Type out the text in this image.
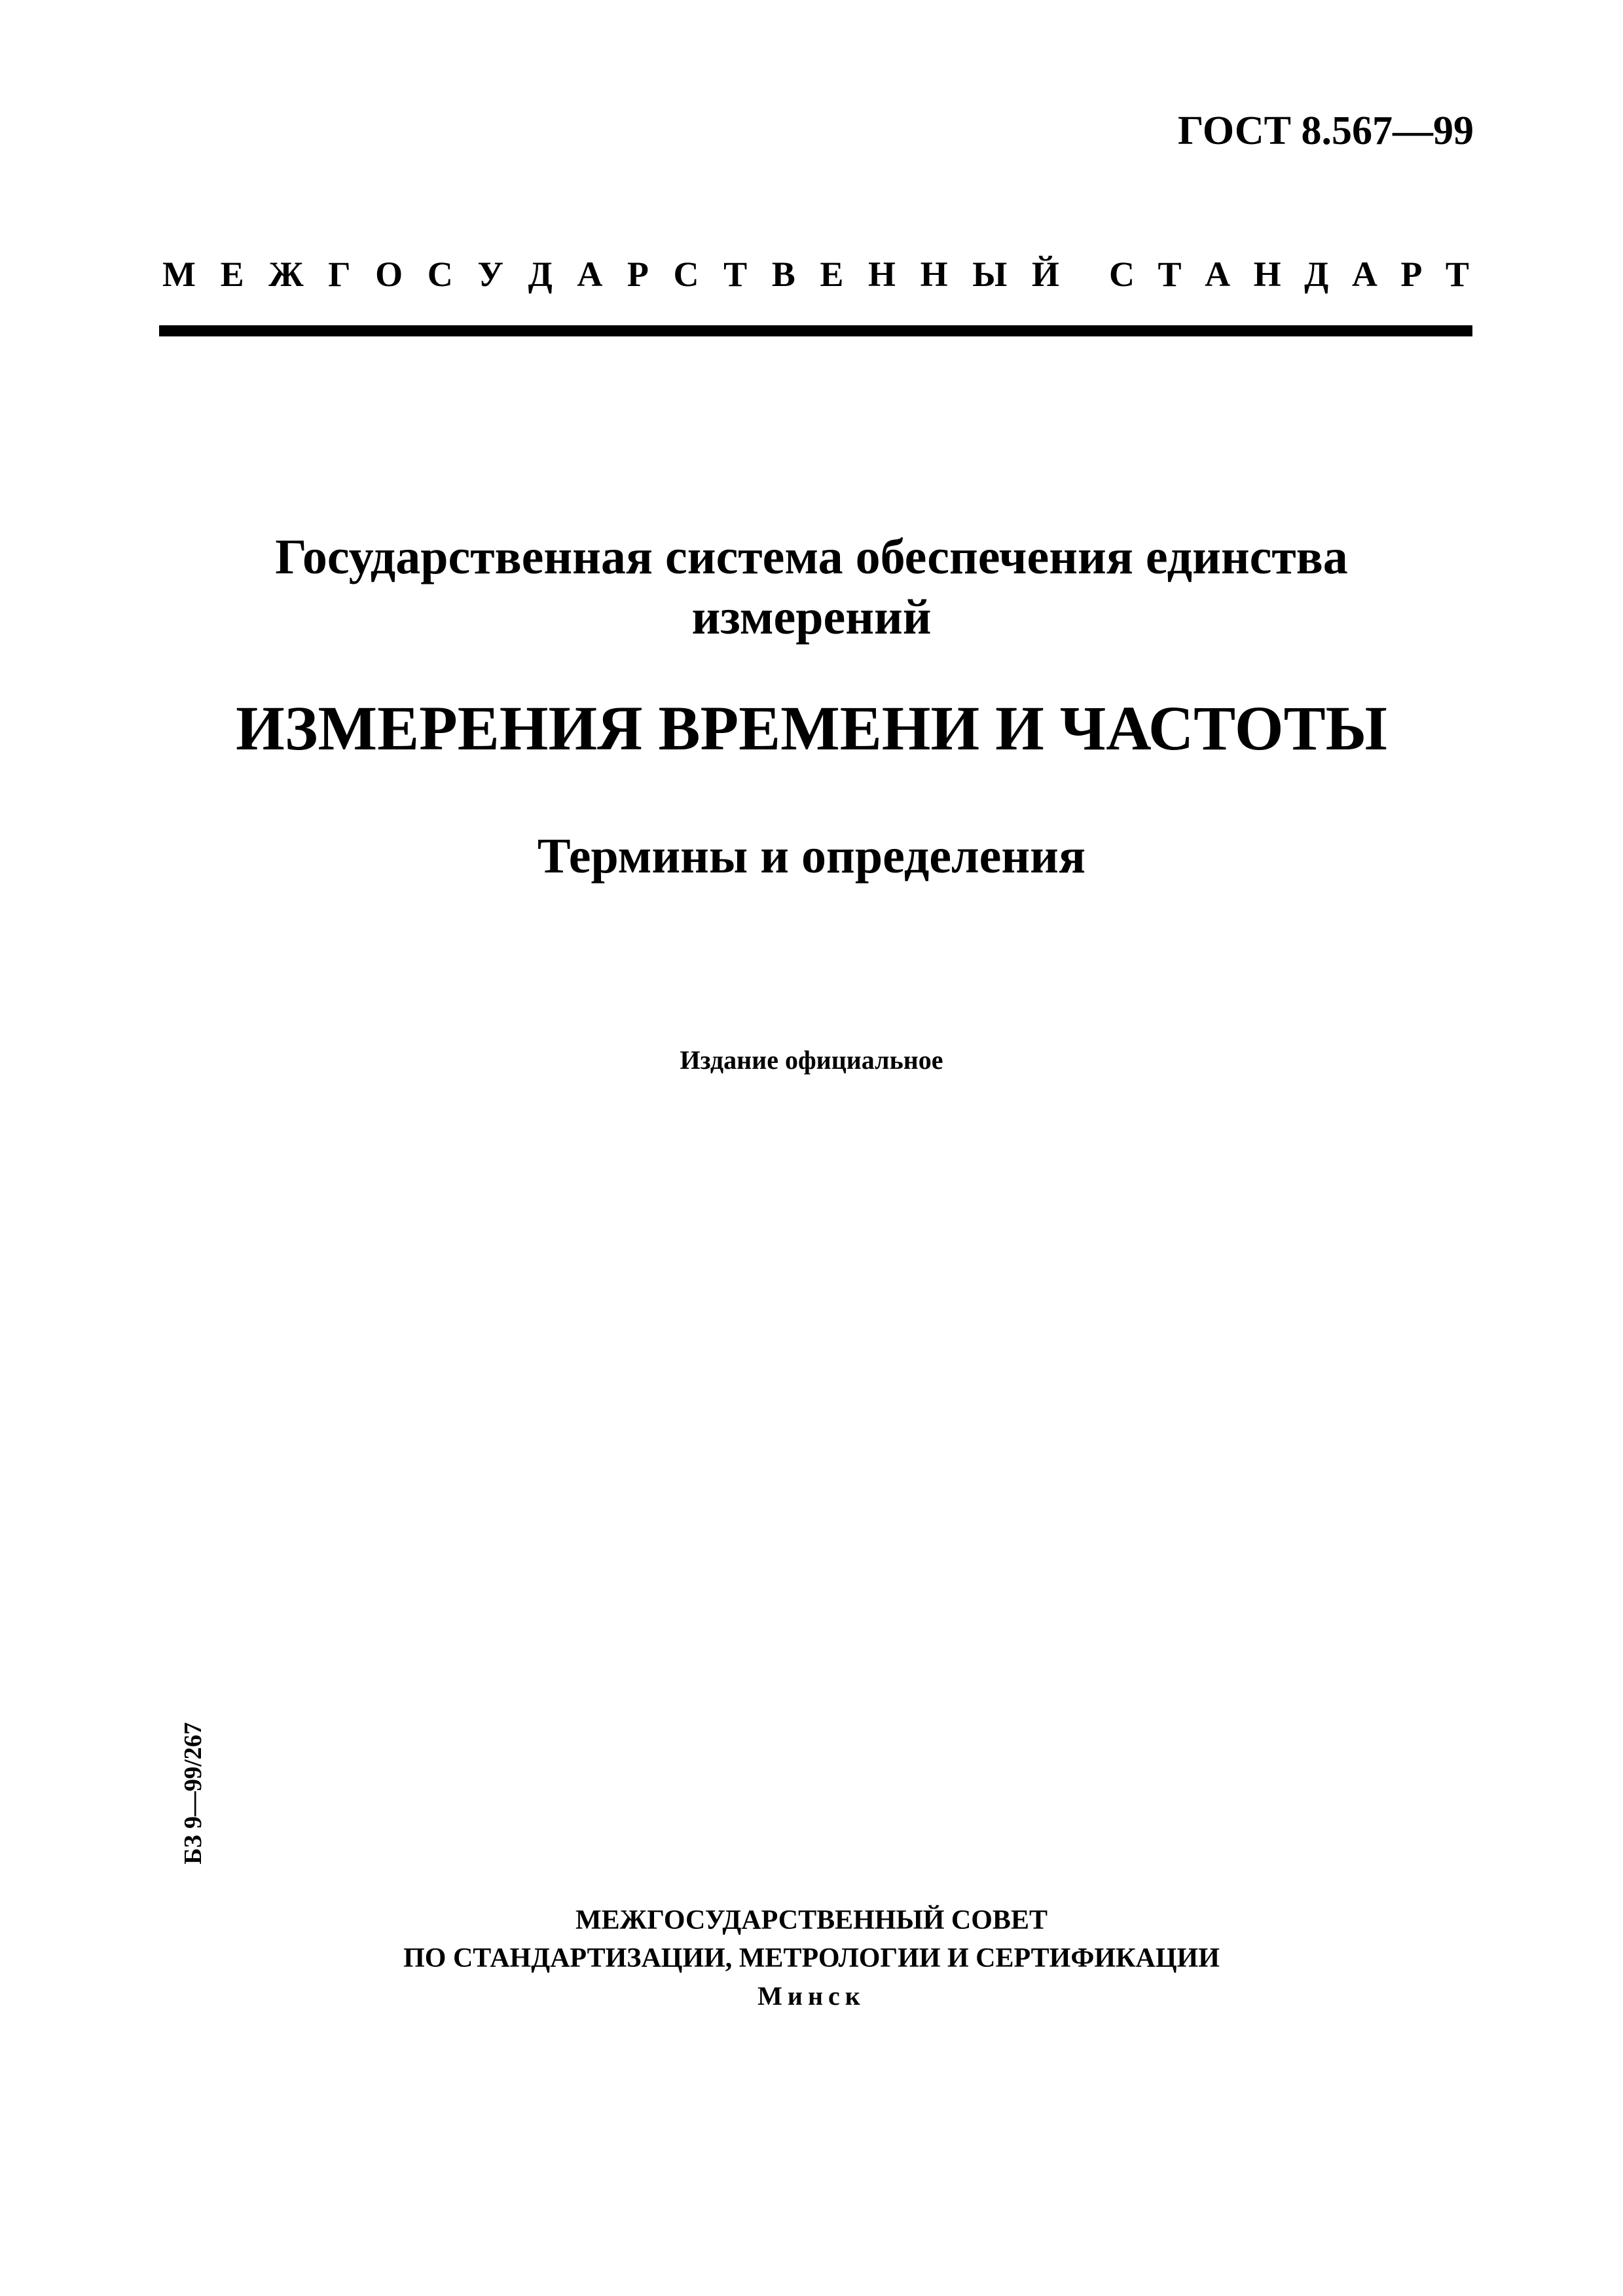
ГОСТ 8.567—99
М Е Ж Г О С У Д А Р С Т В Е Н Н Ы Й С Т А Н Д А Р Т
Государственная система обеспечения единства
измерений
ИЗМЕРЕНИЯ ВРЕМЕНИ И ЧАСТОТЫ
Термины и определения
Издание официальное
БЗ 9—99/267
МЕЖГОСУДАРСТВЕННЫЙ СОВЕТ
ПО СТАНДАРТИЗАЦИИ, МЕТРОЛОГИИ И СЕРТИФИКАЦИИ
Минск
